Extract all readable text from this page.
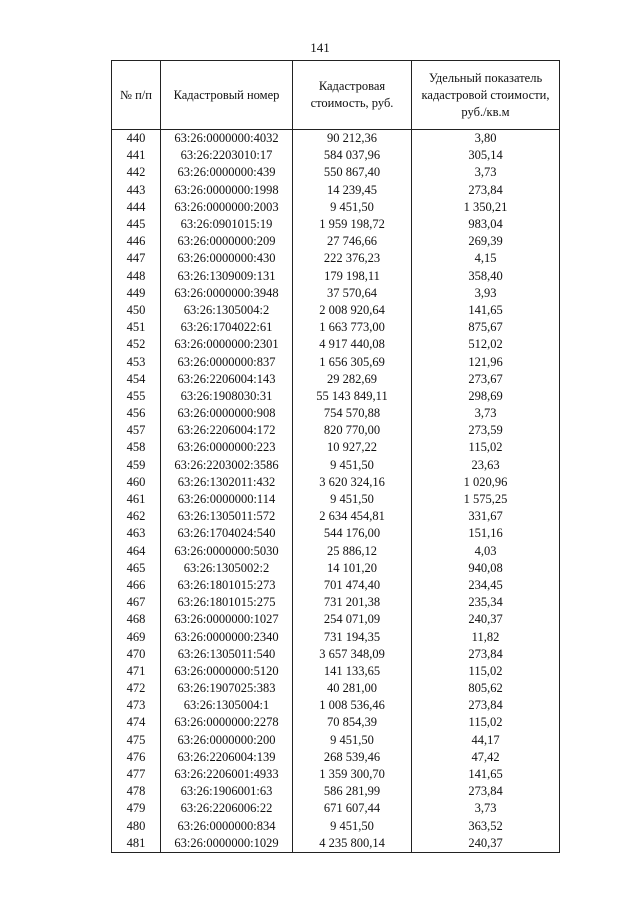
141
№ п/п	Кадастровый номер	Кадастровая стоимость, руб.	Удельный показатель кадастровой стоимости, руб./кв.м
440	63:26:0000000:4032	90 212,36	3,80
441	63:26:2203010:17	584 037,96	305,14
442	63:26:0000000:439	550 867,40	3,73
443	63:26:0000000:1998	14 239,45	273,84
444	63:26:0000000:2003	9 451,50	1 350,21
445	63:26:0901015:19	1 959 198,72	983,04
446	63:26:0000000:209	27 746,66	269,39
447	63:26:0000000:430	222 376,23	4,15
448	63:26:1309009:131	179 198,11	358,40
449	63:26:0000000:3948	37 570,64	3,93
450	63:26:1305004:2	2 008 920,64	141,65
451	63:26:1704022:61	1 663 773,00	875,67
452	63:26:0000000:2301	4 917 440,08	512,02
453	63:26:0000000:837	1 656 305,69	121,96
454	63:26:2206004:143	29 282,69	273,67
455	63:26:1908030:31	55 143 849,11	298,69
456	63:26:0000000:908	754 570,88	3,73
457	63:26:2206004:172	820 770,00	273,59
458	63:26:0000000:223	10 927,22	115,02
459	63:26:2203002:3586	9 451,50	23,63
460	63:26:1302011:432	3 620 324,16	1 020,96
461	63:26:0000000:114	9 451,50	1 575,25
462	63:26:1305011:572	2 634 454,81	331,67
463	63:26:1704024:540	544 176,00	151,16
464	63:26:0000000:5030	25 886,12	4,03
465	63:26:1305002:2	14 101,20	940,08
466	63:26:1801015:273	701 474,40	234,45
467	63:26:1801015:275	731 201,38	235,34
468	63:26:0000000:1027	254 071,09	240,37
469	63:26:0000000:2340	731 194,35	11,82
470	63:26:1305011:540	3 657 348,09	273,84
471	63:26:0000000:5120	141 133,65	115,02
472	63:26:1907025:383	40 281,00	805,62
473	63:26:1305004:1	1 008 536,46	273,84
474	63:26:0000000:2278	70 854,39	115,02
475	63:26:0000000:200	9 451,50	44,17
476	63:26:2206004:139	268 539,46	47,42
477	63:26:2206001:4933	1 359 300,70	141,65
478	63:26:1906001:63	586 281,99	273,84
479	63:26:2206006:22	671 607,44	3,73
480	63:26:0000000:834	9 451,50	363,52
481	63:26:0000000:1029	4 235 800,14	240,37
